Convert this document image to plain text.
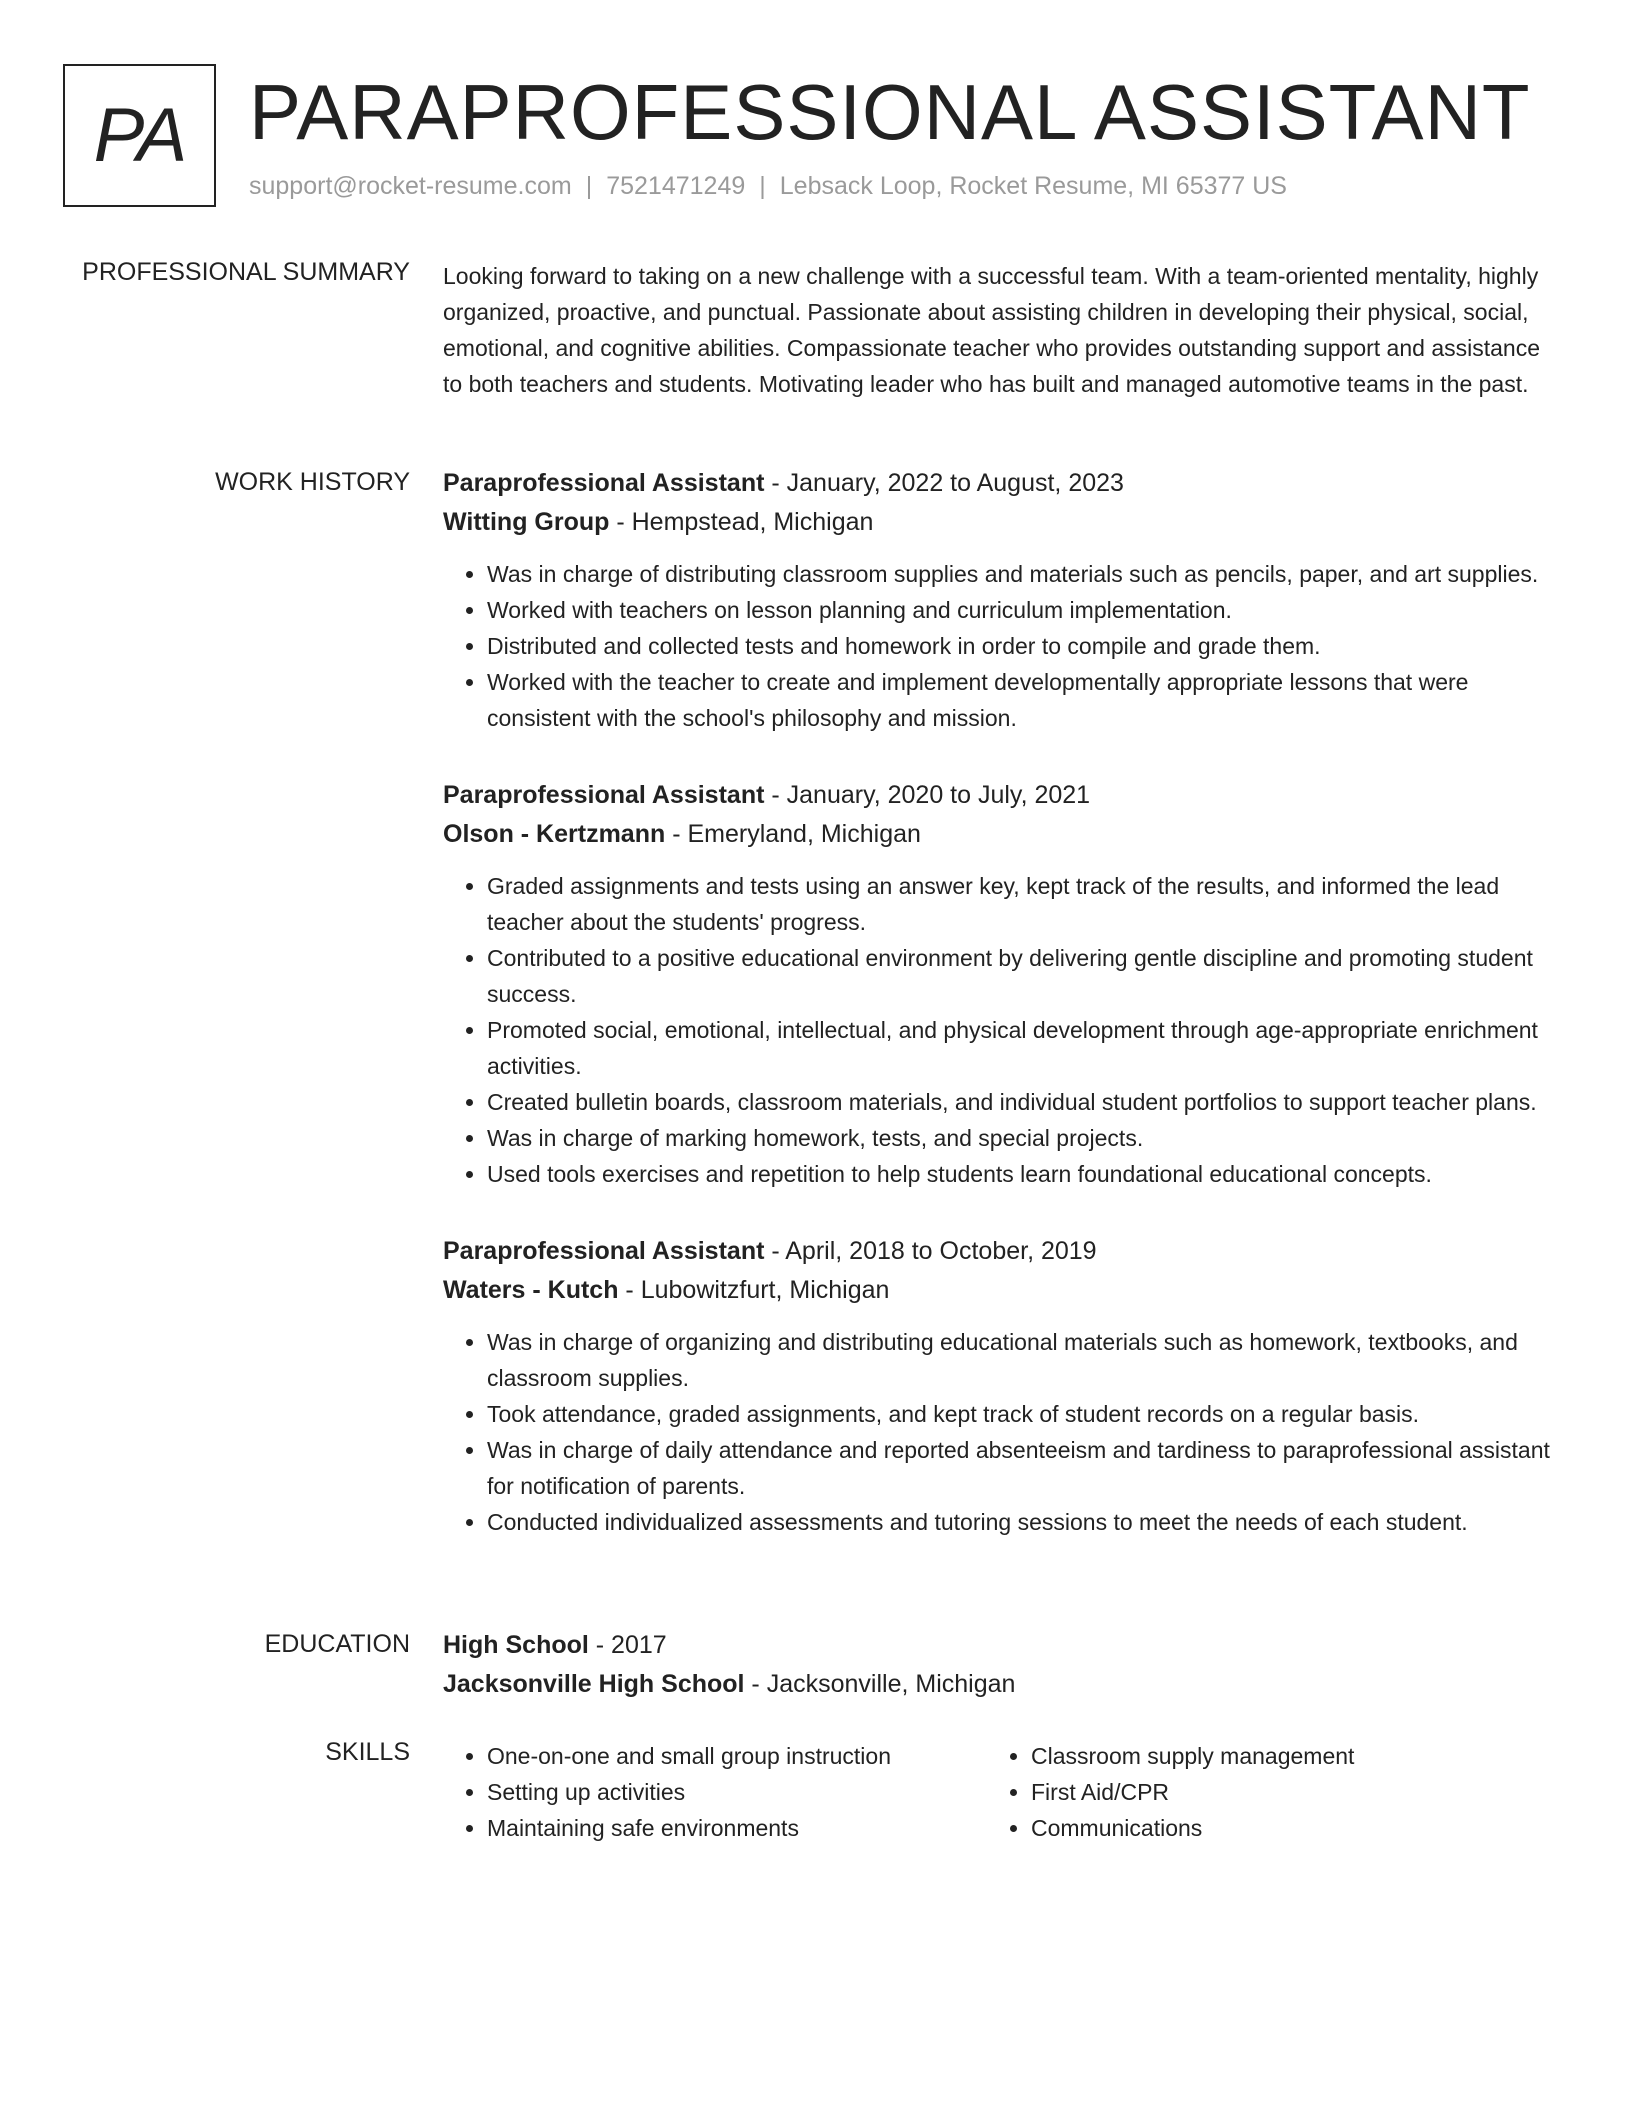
PA PARAPROFESSIONAL ASSISTANT
support@rocket-resume.com | 7521471249 | Lebsack Loop, Rocket Resume, MI 65377 US
PROFESSIONAL SUMMARY Looking forward to taking on a new challenge with a successful team. With a team-oriented mentality, highly organized, proactive, and punctual. Passionate about assisting children in developing their physical, social, emotional, and cognitive abilities. Compassionate teacher who provides outstanding support and assistance to both teachers and students. Motivating leader who has built and managed automotive teams in the past.

WORK HISTORY Paraprofessional Assistant - January, 2022 to August, 2023
Witting Group - Hempstead, Michigan
• Was in charge of distributing classroom supplies and materials such as pencils, paper, and art supplies.
• Worked with teachers on lesson planning and curriculum implementation.
• Distributed and collected tests and homework in order to compile and grade them.
• Worked with the teacher to create and implement developmentally appropriate lessons that were consistent with the school's philosophy and mission.
Paraprofessional Assistant - January, 2020 to July, 2021
Olson - Kertzmann - Emeryland, Michigan
• Graded assignments and tests using an answer key, kept track of the results, and informed the lead teacher about the students' progress.
• Contributed to a positive educational environment by delivering gentle discipline and promoting student success.
• Promoted social, emotional, intellectual, and physical development through age-appropriate enrichment activities.
• Created bulletin boards, classroom materials, and individual student portfolios to support teacher plans.
• Was in charge of marking homework, tests, and special projects.
• Used tools exercises and repetition to help students learn foundational educational concepts.
Paraprofessional Assistant - April, 2018 to October, 2019
Waters - Kutch - Lubowitzfurt, Michigan
• Was in charge of organizing and distributing educational materials such as homework, textbooks, and classroom supplies.
• Took attendance, graded assignments, and kept track of student records on a regular basis.
• Was in charge of daily attendance and reported absenteeism and tardiness to paraprofessional assistant for notification of parents.
• Conducted individualized assessments and tutoring sessions to meet the needs of each student.
EDUCATION High School - 2017
Jacksonville High School - Jacksonville, Michigan
SKILLS
•	One-on-one and small group instruction
• Setting up activities
• Maintaining safe environments
• Classroom supply management
• First Aid/CPR
• Communications
